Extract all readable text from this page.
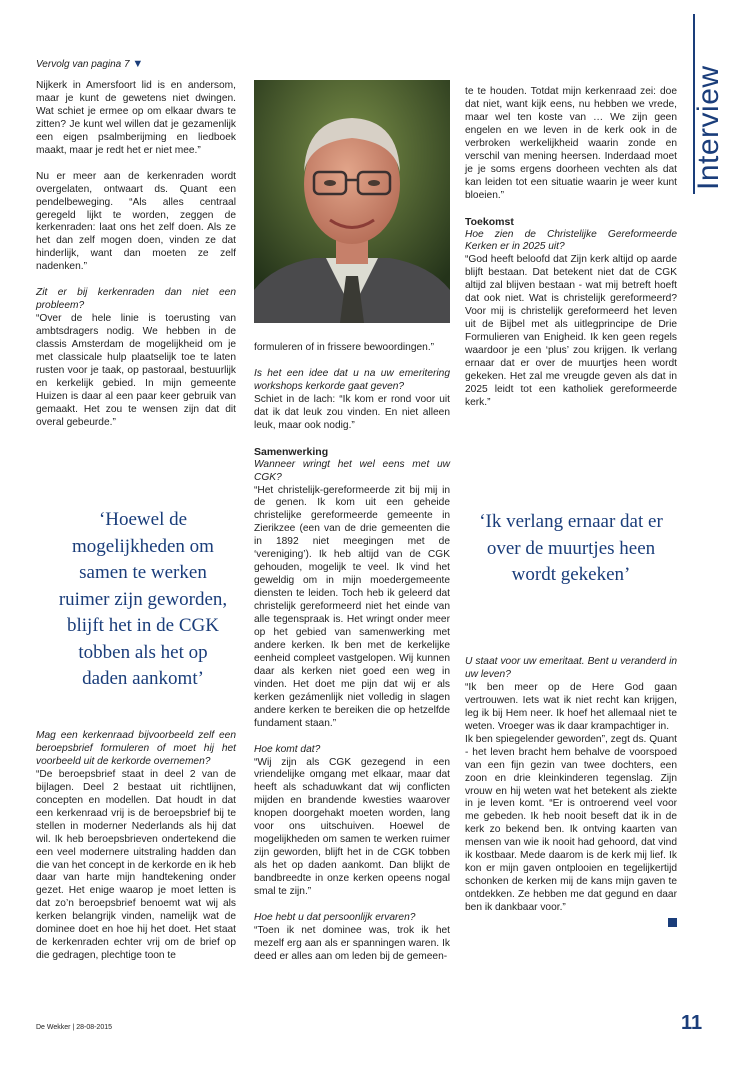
Interview
Vervolg van pagina 7 ▼

Nijkerk in Amersfoort lid is en andersom, maar je kunt de gewetens niet dwingen. Wat schiet je ermee op om elkaar dwars te zitten? Je kunt wel willen dat je gezamenlijk een eigen psalmberijming en liedboek maakt, maar je redt het er niet mee.”

Nu er meer aan de kerkenraden wordt overgelaten, ontwaart ds. Quant een pendelbeweging. “Als alles centraal geregeld lijkt te worden, zeggen de kerkenraden: laat ons het zelf doen. Als ze het dan zelf mogen doen, vinden ze dat hinderlijk, want dan moeten ze zelf nadenken.”

Zit er bij kerkenraden dan niet een probleem?

“Over de hele linie is toerusting van ambtsdragers nodig. We hebben in de classis Amsterdam de mogelijkheid om je met classicale hulp plaatselijk toe te laten rusten voor je taak, op pastoraal, bestuurlijk en kerkelijk gebied. In mijn gemeente Huizen is daar al een paar keer gebruik van gemaakt. Het zou te wensen zijn dat dit overal gebeurde.”

‘Hoewel de mogelijkheden om samen te werken ruimer zijn geworden, blijft het in de CGK tobben als het op daden aankomt’

Mag een kerkenraad bijvoorbeeld zelf een beroepsbrief formuleren of moet hij het voorbeeld uit de kerkorde overnemen?

“De beroepsbrief staat in deel 2 van de bijlagen. Deel 2 bestaat uit richtlijnen, concepten en modellen. Dat houdt in dat een kerkenraad vrij is de beroepsbrief bij te stellen in moderner Nederlands als hij dat wil. Ik heb beroepsbrieven ondertekend die een veel modernere uitstraling hadden dan die van het concept in de kerkorde en ik heb daar van harte mijn handtekening onder gezet. Het enige waarop je moet letten is dat zo’n beroepsbrief benoemt wat wij als kerken belangrijk vinden, namelijk wat de dominee doet en hoe hij het doet. Het staat de kerkenraden echter vrij om de brief op die gedragen, plechtige toon te

formuleren of in frissere bewoordingen.”

Is het een idee dat u na uw emeritering workshops kerkorde gaat geven?

Schiet in de lach: “Ik kom er rond voor uit dat ik dat leuk zou vinden. En niet alleen leuk, maar ook nodig.”

Samenwerking

Wanneer wringt het wel eens met uw CGK?

“Het christelijk-gereformeerde zit bij mij in de genen. Ik kom uit een geheide christelijke gereformeerde gemeente in Zierikzee (een van de drie gemeenten die in 1892 niet meegingen met de ‘vereniging’). Ik heb altijd van de CGK gehouden, mogelijk te veel. Ik vind het geweldig om in mijn moedergemeente diensten te leiden. Toch heb ik geleerd dat christelijk gereformeerd niet het einde van alle tegenspraak is. Het wringt onder meer op het gebied van samenwerking met andere kerken. Ik ben met de kerkelijke eenheid compleet vastgelopen. Wij kunnen daar als kerken niet goed een weg in vinden. Het doet me pijn dat wij er als kerken gezámenlijk niet volledig in slagen andere kerken te bereiken die op hetzelfde fundament staan.”

Hoe komt dat?

“Wij zijn als CGK gezegend in een vriendelijke omgang met elkaar, maar dat heeft als schaduwkant dat wij conflicten mijden en brandende kwesties waarover knopen doorgehakt moeten worden, lang voor ons uitschuiven. Hoewel de mogelijkheden om samen te werken ruimer zijn geworden, blijft het in de CGK tobben als het op daden aankomt. Dan blijkt de bandbreedte in onze kerken opeens nogal smal te zijn.”

Hoe hebt u dat persoonlijk ervaren?

“Toen ik net dominee was, trok ik het mezelf erg aan als er spanningen waren. Ik deed er alles aan om leden bij de gemeen-

te te houden. Totdat mijn kerkenraad zei: doe dat niet, want kijk eens, nu hebben we vrede, maar wel ten koste van … We zijn geen engelen en we leven in de kerk ook in de verbroken werkelijkheid waarin zonde en verschil van mening heersen. Inderdaad moet je je soms ergens doorheen vechten als dat kan leiden tot een situatie waarin je weer kunt bloeien.”

Toekomst

Hoe zien de Christelijke Gereformeerde Kerken er in 2025 uit?

“God heeft beloofd dat Zijn kerk altijd op aarde blijft bestaan. Dat betekent niet dat de CGK altijd zal blijven bestaan - wat mij betreft hoeft dat ook niet. Wat is christelijk gereformeerd? Voor mij is christelijk gereformeerd het leven uit de Bijbel met als uitlegprincipe de Drie Formulieren van Enigheid. Ik ken geen regels waardoor je een ‘plus’ zou krijgen. Ik verlang ernaar dat er over de muurtjes heen wordt gekeken. Het zal me vreugde geven als dat in 2025 leidt tot een katholiek gereformeerde kerk.”

‘Ik verlang ernaar dat er over de muurtjes heen wordt gekeken’

U staat voor uw emeritaat. Bent u veranderd in uw leven?

“Ik ben meer op de Here God gaan vertrouwen. Iets wat ik niet recht kan krijgen, leg ik bij Hem neer. Ik hoef het allemaal niet te weten. Vroeger was ik daar krampachtiger in.

Ik ben spiegelender geworden”, zegt ds. Quant - het leven bracht hem behalve de voorspoed van een fijn gezin van twee dochters, een zoon en drie kleinkinderen tegenslag. Zijn vrouw en hij weten wat het betekent als ziekte in je leven komt. “Er is ontroerend veel voor me gebeden. Ik heb nooit beseft dat ik in de kerk zo bekend ben. Ik ontving kaarten van mensen van wie ik nooit had gehoord, dat vind ik kostbaar. Mede daarom is de kerk mij lief. Ik kon er mijn gaven ontplooien en tegelijkertijd schonken de kerken mij de kans mijn gaven te ontdekken. Ze hebben me dat gegund en daar ben ik dankbaar voor.”

De Wekker | 28-08-2015	11
